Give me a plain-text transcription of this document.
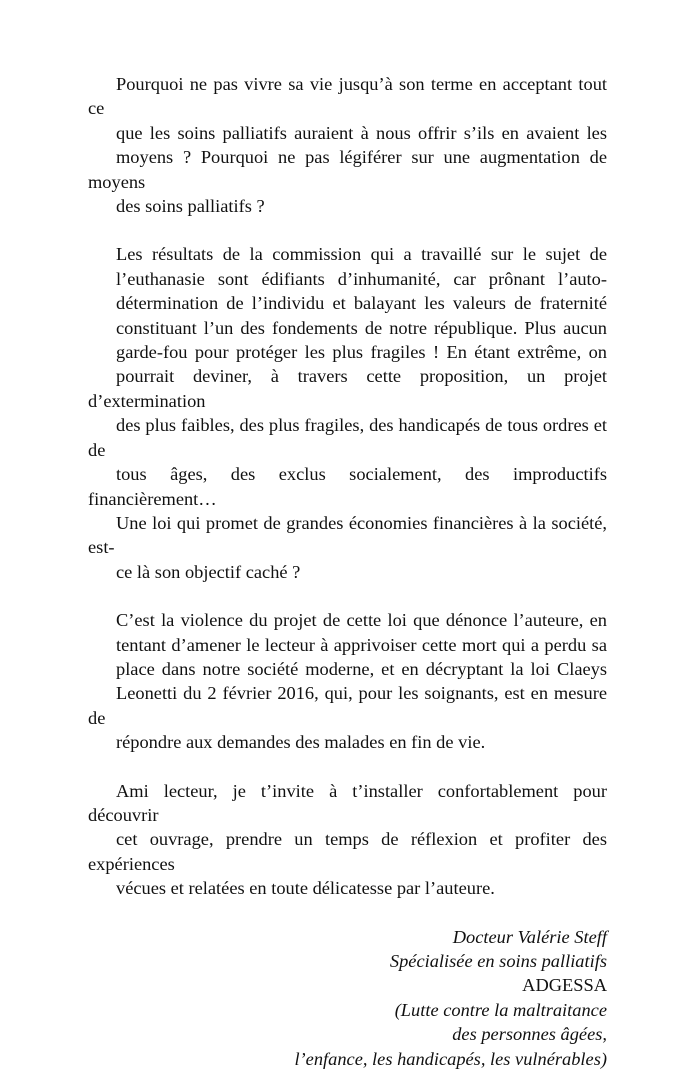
Pourquoi ne pas vivre sa vie jusqu’à son terme en acceptant tout ce
que les soins palliatifs auraient à nous offrir s’ils en avaient les
moyens ? Pourquoi ne pas légiférer sur une augmentation de moyens
des soins palliatifs ?
Les résultats de la commission qui a travaillé sur le sujet de
l’euthanasie sont édifiants d’inhumanité, car prônant l’auto-
détermination de l’individu et balayant les valeurs de fraternité
constituant l’un des fondements de notre république. Plus aucun
garde-fou pour protéger les plus fragiles ! En étant extrême, on
pourrait deviner, à travers cette proposition, un projet d’extermination
des plus faibles, des plus fragiles, des handicapés de tous ordres et de
tous âges, des exclus socialement, des improductifs financièrement…
Une loi qui promet de grandes économies financières à la société, est-
ce là son objectif caché ?
C’est la violence du projet de cette loi que dénonce l’auteure, en
tentant d’amener le lecteur à apprivoiser cette mort qui a perdu sa
place dans notre société moderne, et en décryptant la loi Claeys
Leonetti du 2 février 2016, qui, pour les soignants, est en mesure de
répondre aux demandes des malades en fin de vie.
Ami lecteur, je t’invite à t’installer confortablement pour découvrir
cet ouvrage, prendre un temps de réflexion et profiter des expériences
vécues et relatées en toute délicatesse par l’auteure.
Docteur Valérie Steff
Spécialisée en soins palliatifs
ADGESSA
(Lutte contre la maltraitance
des personnes âgées,
l’enfance, les handicapés, les vulnérables)
